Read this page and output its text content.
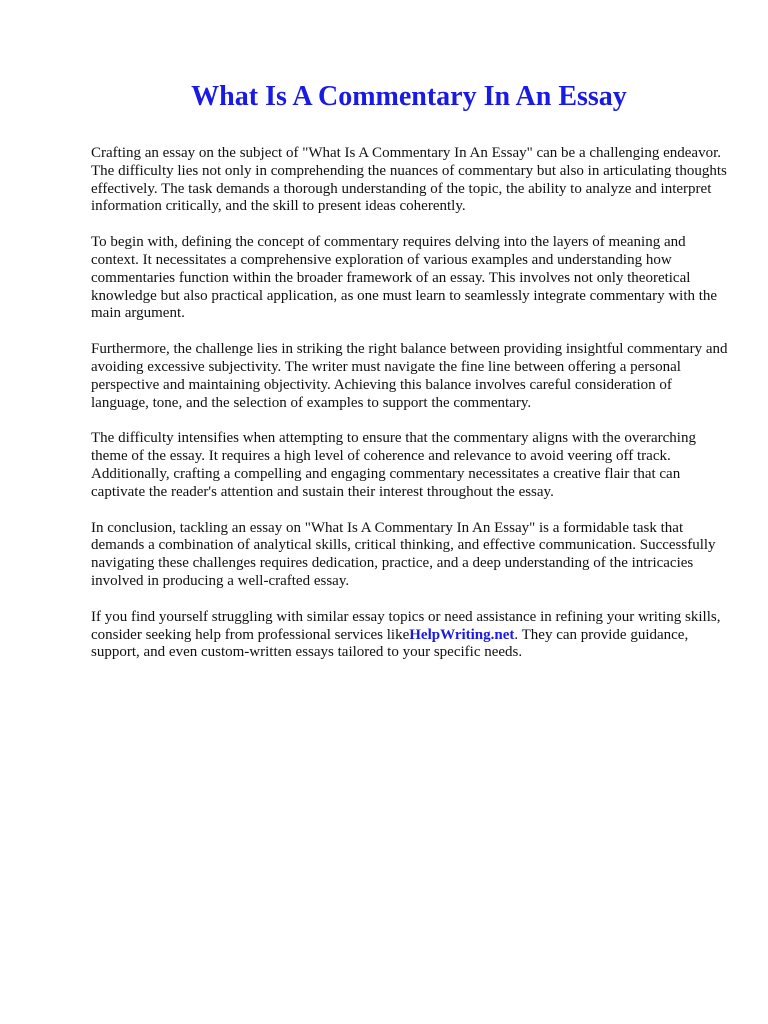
What Is A Commentary In An Essay

Crafting an essay on the subject of "What Is A Commentary In An Essay" can be a challenging endeavor. The difficulty lies not only in comprehending the nuances of commentary but also in articulating thoughts effectively. The task demands a thorough understanding of the topic, the ability to analyze and interpret information critically, and the skill to present ideas coherently.

To begin with, defining the concept of commentary requires delving into the layers of meaning and context. It necessitates a comprehensive exploration of various examples and understanding how commentaries function within the broader framework of an essay. This involves not only theoretical knowledge but also practical application, as one must learn to seamlessly integrate commentary with the main argument.

Furthermore, the challenge lies in striking the right balance between providing insightful commentary and avoiding excessive subjectivity. The writer must navigate the fine line between offering a personal perspective and maintaining objectivity. Achieving this balance involves careful consideration of language, tone, and the selection of examples to support the commentary.

The difficulty intensifies when attempting to ensure that the commentary aligns with the overarching theme of the essay. It requires a high level of coherence and relevance to avoid veering off track. Additionally, crafting a compelling and engaging commentary necessitates a creative flair that can captivate the reader's attention and sustain their interest throughout the essay.

In conclusion, tackling an essay on "What Is A Commentary In An Essay" is a formidable task that demands a combination of analytical skills, critical thinking, and effective communication. Successfully navigating these challenges requires dedication, practice, and a deep understanding of the intricacies involved in producing a well-crafted essay.

If you find yourself struggling with similar essay topics or need assistance in refining your writing skills, consider seeking help from professional services likeHelpWriting.net. They can provide guidance, support, and even custom-written essays tailored to your specific needs.
